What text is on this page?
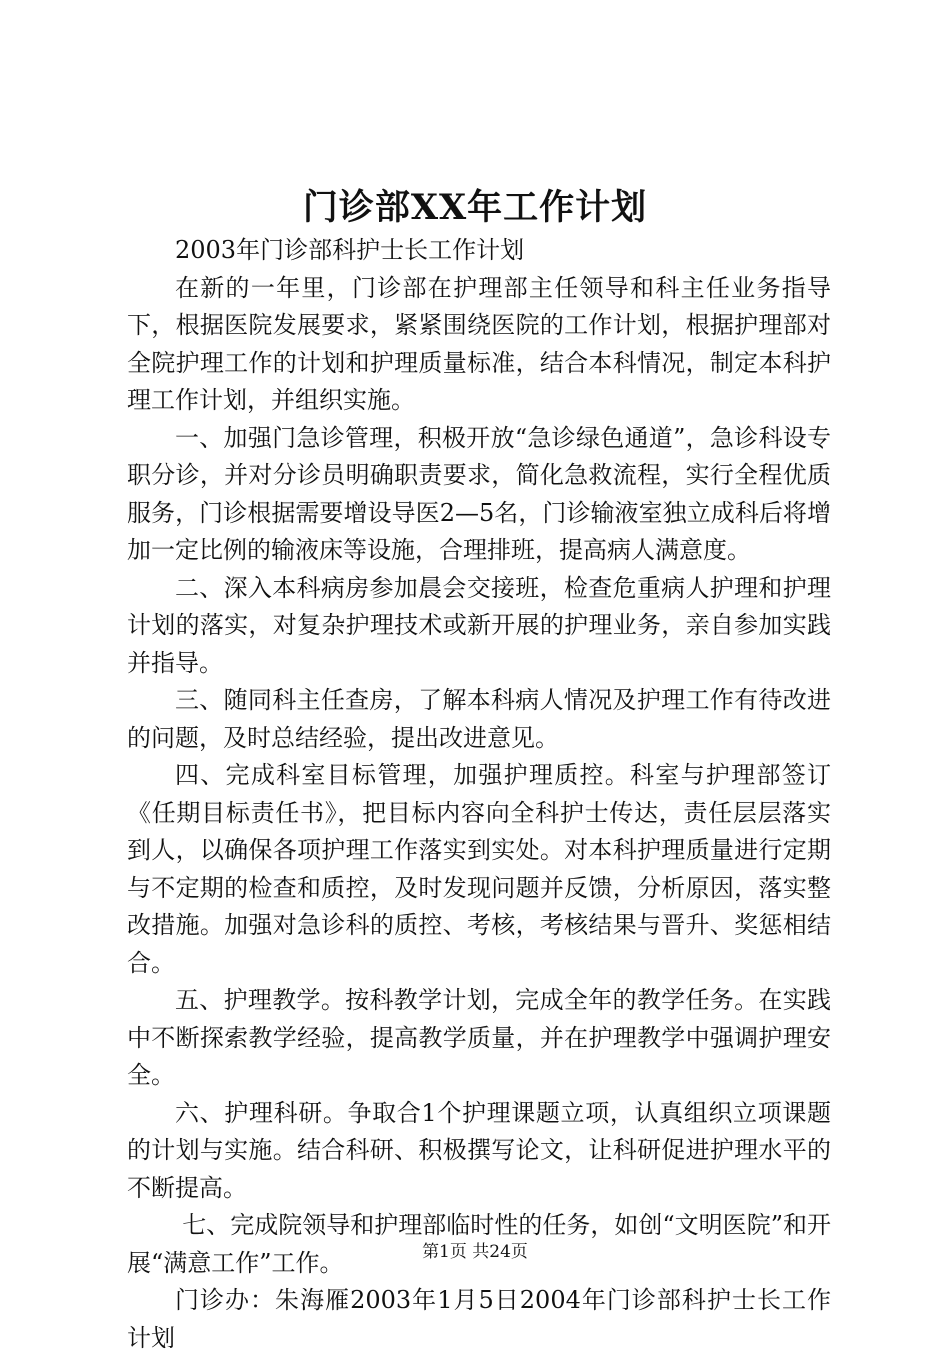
门诊部XX年工作计划

2003年门诊部科护士长工作计划

在新的一年里，门诊部在护理部主任领导和科主任业务指导下，根据医院发展要求，紧紧围绕医院的工作计划，根据护理部对全院护理工作的计划和护理质量标准，结合本科情况，制定本科护理工作计划，并组织实施。

一、加强门急诊管理，积极开放“急诊绿色通道”，急诊科设专职分诊，并对分诊员明确职责要求，简化急救流程，实行全程优质服务，门诊根据需要增设导医2—5名，门诊输液室独立成科后将增加一定比例的输液床等设施，合理排班，提高病人满意度。

二、深入本科病房参加晨会交接班，检查危重病人护理和护理计划的落实，对复杂护理技术或新开展的护理业务，亲自参加实践并指导。

三、随同科主任查房，了解本科病人情况及护理工作有待改进的问题，及时总结经验，提出改进意见。

四、完成科室目标管理，加强护理质控。科室与护理部签订《任期目标责任书》，把目标内容向全科护士传达，责任层层落实到人，以确保各项护理工作落实到实处。对本科护理质量进行定期与不定期的检查和质控，及时发现问题并反馈，分析原因，落实整改措施。加强对急诊科的质控、考核，考核结果与晋升、奖惩相结合。

五、护理教学。按科教学计划，完成全年的教学任务。在实践中不断探索教学经验，提高教学质量，并在护理教学中强调护理安全。

六、护理科研。争取合1个护理课题立项，认真组织立项课题的计划与实施。结合科研、积极撰写论文，让科研促进护理水平的不断提高。

七、完成院领导和护理部临时性的任务，如创“文明医院”和开展“满意工作”工作。

门诊办：朱海雁2003年1月5日2004年门诊部科护士长工作计划

第1页 共24页
